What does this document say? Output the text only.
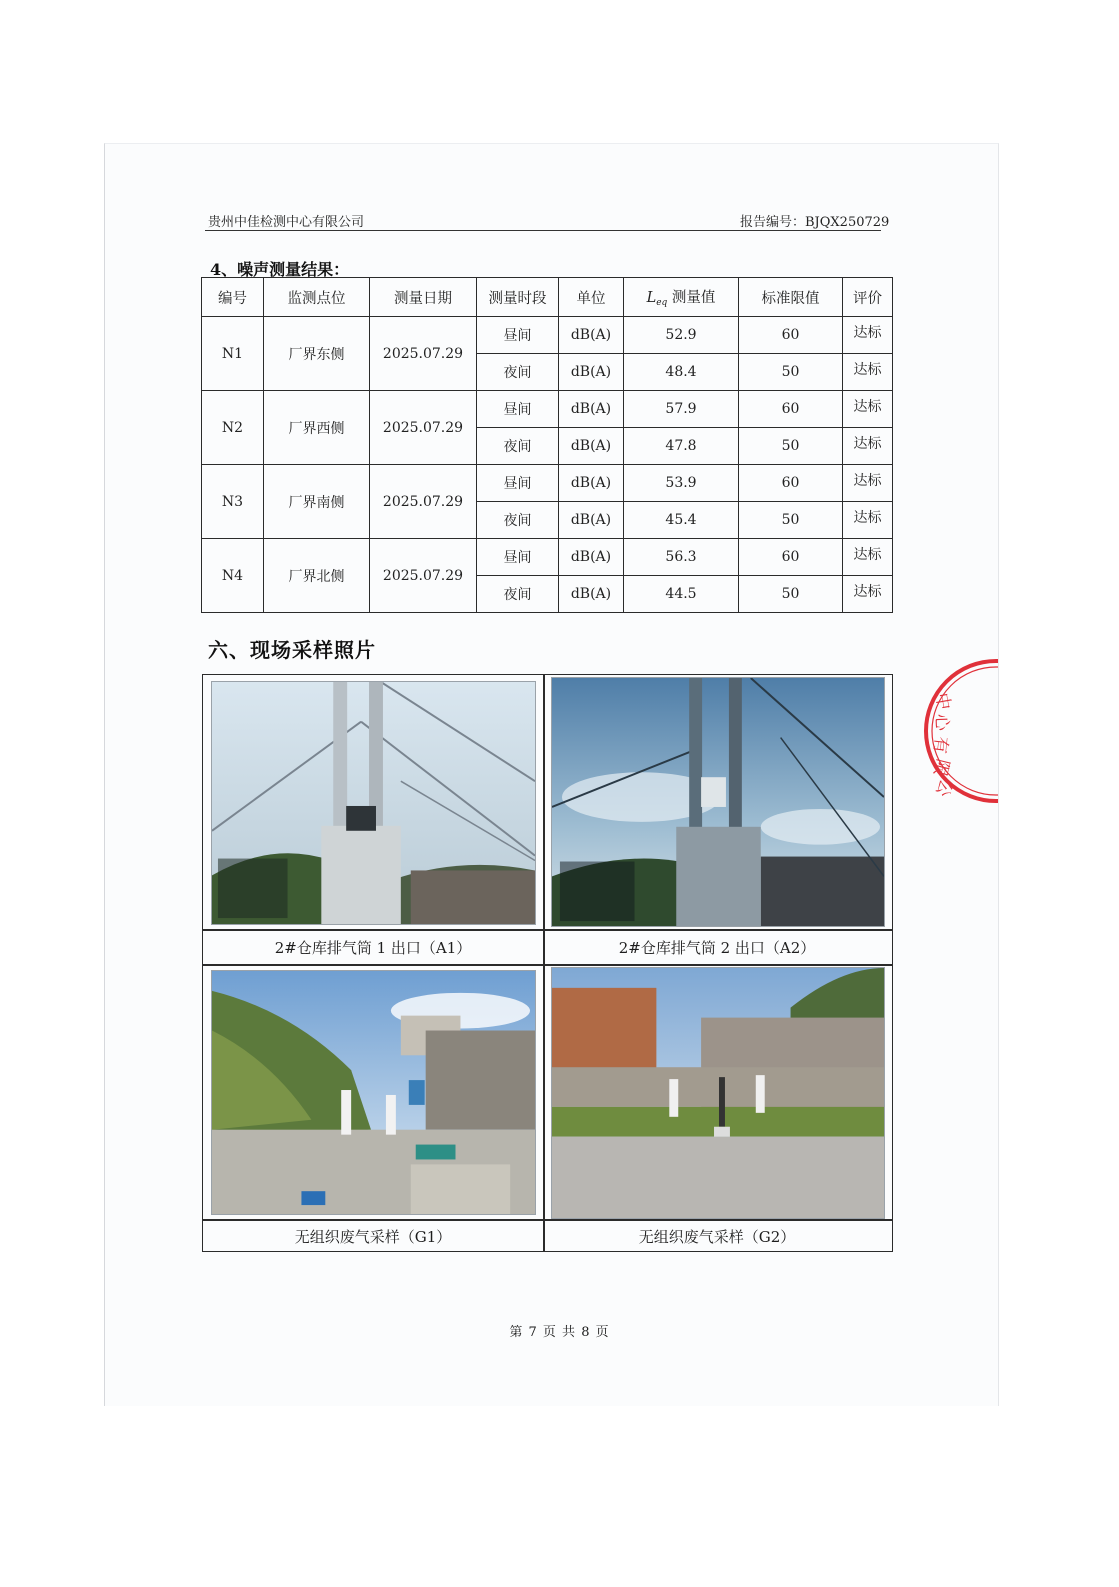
贵州中佳检测中心有限公司	报告编号：BJQX250729
4、噪声测量结果：
编号	监测点位	测量日期	测量时段	单位	$L_{eq}$ 测量值	标准限值	评价
N1	厂界东侧	2025.07.29	昼间	dB(A)	52.9	60	达标
			夜间	dB(A)	48.4	50	达标
N2	厂界西侧	2025.07.29	昼间	dB(A)	57.9	60	达标
			夜间	dB(A)	47.8	50	达标
N3	厂界南侧	2025.07.29	昼间	dB(A)	53.9	60	达标
			夜间	dB(A)	45.4	50	达标
N4	厂界北侧	2025.07.29	昼间	dB(A)	56.3	60	达标
			夜间	dB(A)	44.5	50	达标
六、现场采样照片
2#仓库排气筒 1 出口（A1）	2#仓库排气筒 2 出口（A2）
无组织废气采样（G1）	无组织废气采样（G2）
中
心
有
限
公
第 7 页 共 8 页
